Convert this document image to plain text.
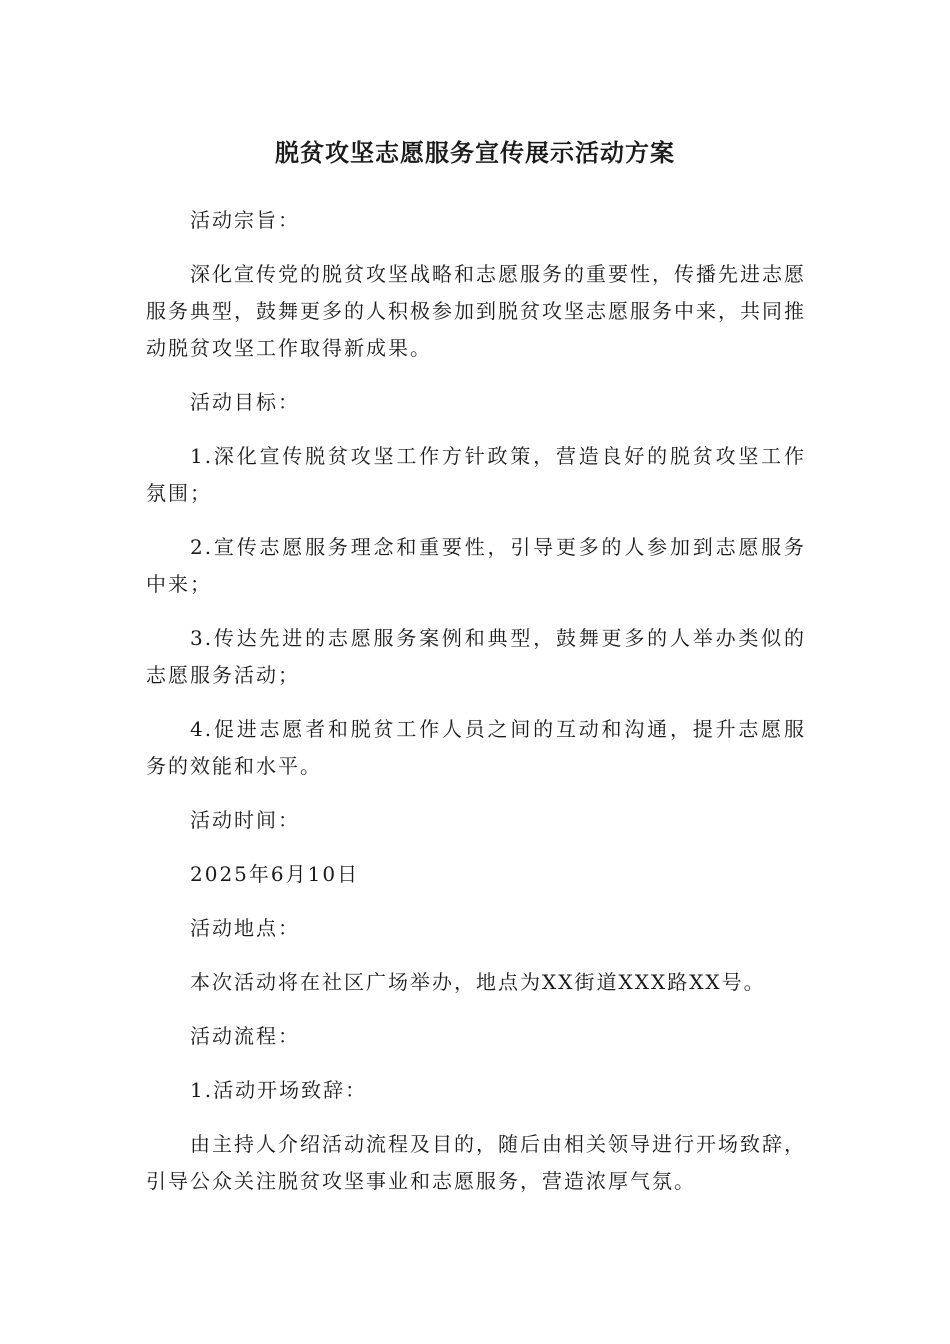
脱贫攻坚志愿服务宣传展示活动方案

活动宗旨：

深化宣传党的脱贫攻坚战略和志愿服务的重要性，传播先进志愿服务典型，鼓舞更多的人积极参加到脱贫攻坚志愿服务中来，共同推动脱贫攻坚工作取得新成果。

活动目标：

1.深化宣传脱贫攻坚工作方针政策，营造良好的脱贫攻坚工作氛围；

2.宣传志愿服务理念和重要性，引导更多的人参加到志愿服务中来；

3.传达先进的志愿服务案例和典型，鼓舞更多的人举办类似的志愿服务活动；

4.促进志愿者和脱贫工作人员之间的互动和沟通，提升志愿服务的效能和水平。

活动时间：

2025年6月10日

活动地点：

本次活动将在社区广场举办，地点为XX街道XXX路XX号。

活动流程：

1.活动开场致辞：

由主持人介绍活动流程及目的，随后由相关领导进行开场致辞，引导公众关注脱贫攻坚事业和志愿服务，营造浓厚气氛。
